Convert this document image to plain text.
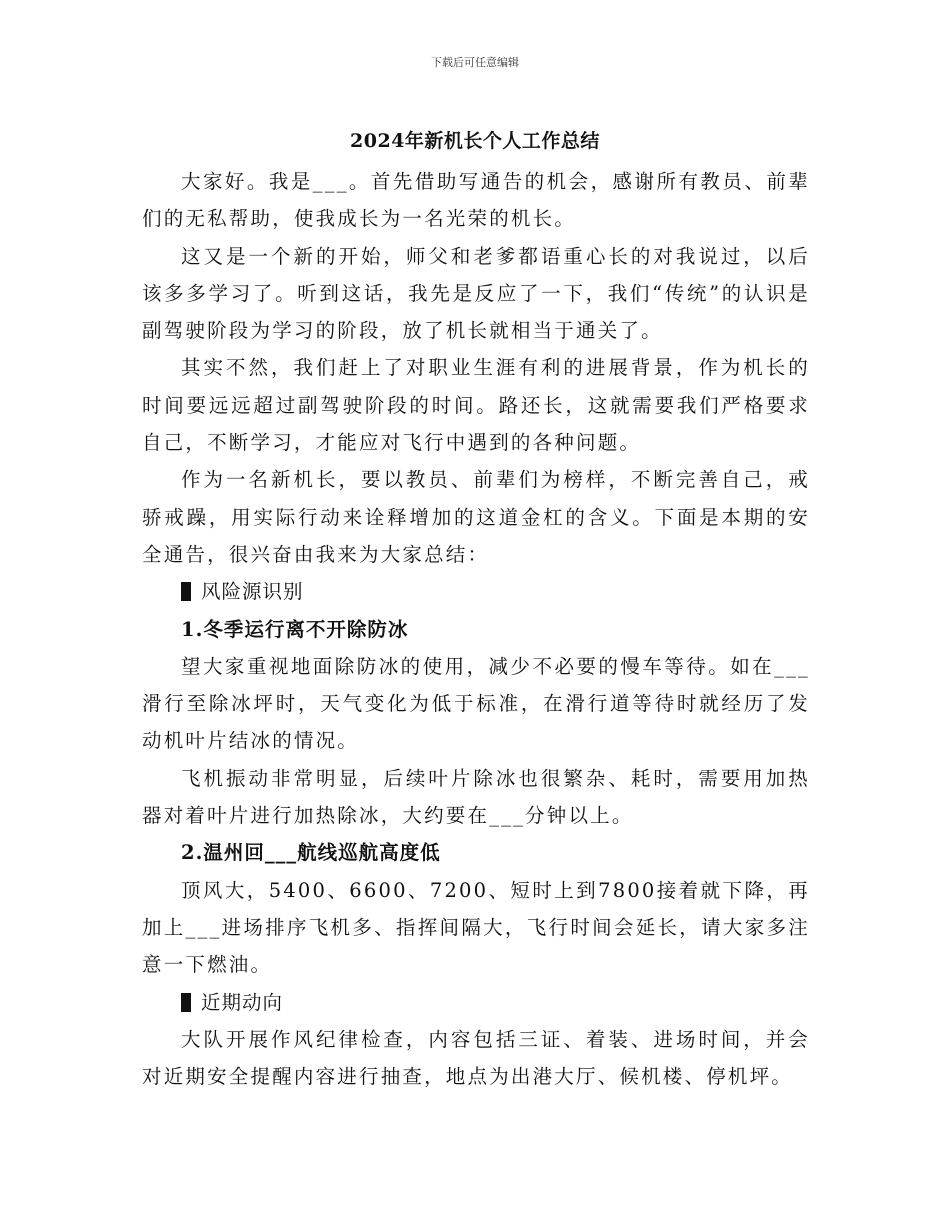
下载后可任意编辑
2024年新机长个人工作总结

大家好。我是___。首先借助写通告的机会，感谢所有教员、前辈们的无私帮助，使我成长为一名光荣的机长。

这又是一个新的开始，师父和老爹都语重心长的对我说过，以后该多多学习了。听到这话，我先是反应了一下，我们“传统”的认识是副驾驶阶段为学习的阶段，放了机长就相当于通关了。

其实不然，我们赶上了对职业生涯有利的进展背景，作为机长的时间要远远超过副驾驶阶段的时间。路还长，这就需要我们严格要求自己，不断学习，才能应对飞行中遇到的各种问题。

作为一名新机长，要以教员、前辈们为榜样，不断完善自己，戒骄戒躁，用实际行动来诠释增加的这道金杠的含义。下面是本期的安全通告，很兴奋由我来为大家总结：

风险源识别

1.冬季运行离不开除防冰

望大家重视地面除防冰的使用，减少不必要的慢车等待。如在___滑行至除冰坪时，天气变化为低于标准，在滑行道等待时就经历了发动机叶片结冰的情况。

飞机振动非常明显，后续叶片除冰也很繁杂、耗时，需要用加热器对着叶片进行加热除冰，大约要在___分钟以上。

2.温州回___航线巡航高度低

顶风大，5400、6600、7200、短时上到7800接着就下降，再加上___进场排序飞机多、指挥间隔大，飞行时间会延长，请大家多注意一下燃油。

近期动向

大队开展作风纪律检查，内容包括三证、着装、进场时间，并会对近期安全提醒内容进行抽查，地点为出港大厅、候机楼、停机坪。
